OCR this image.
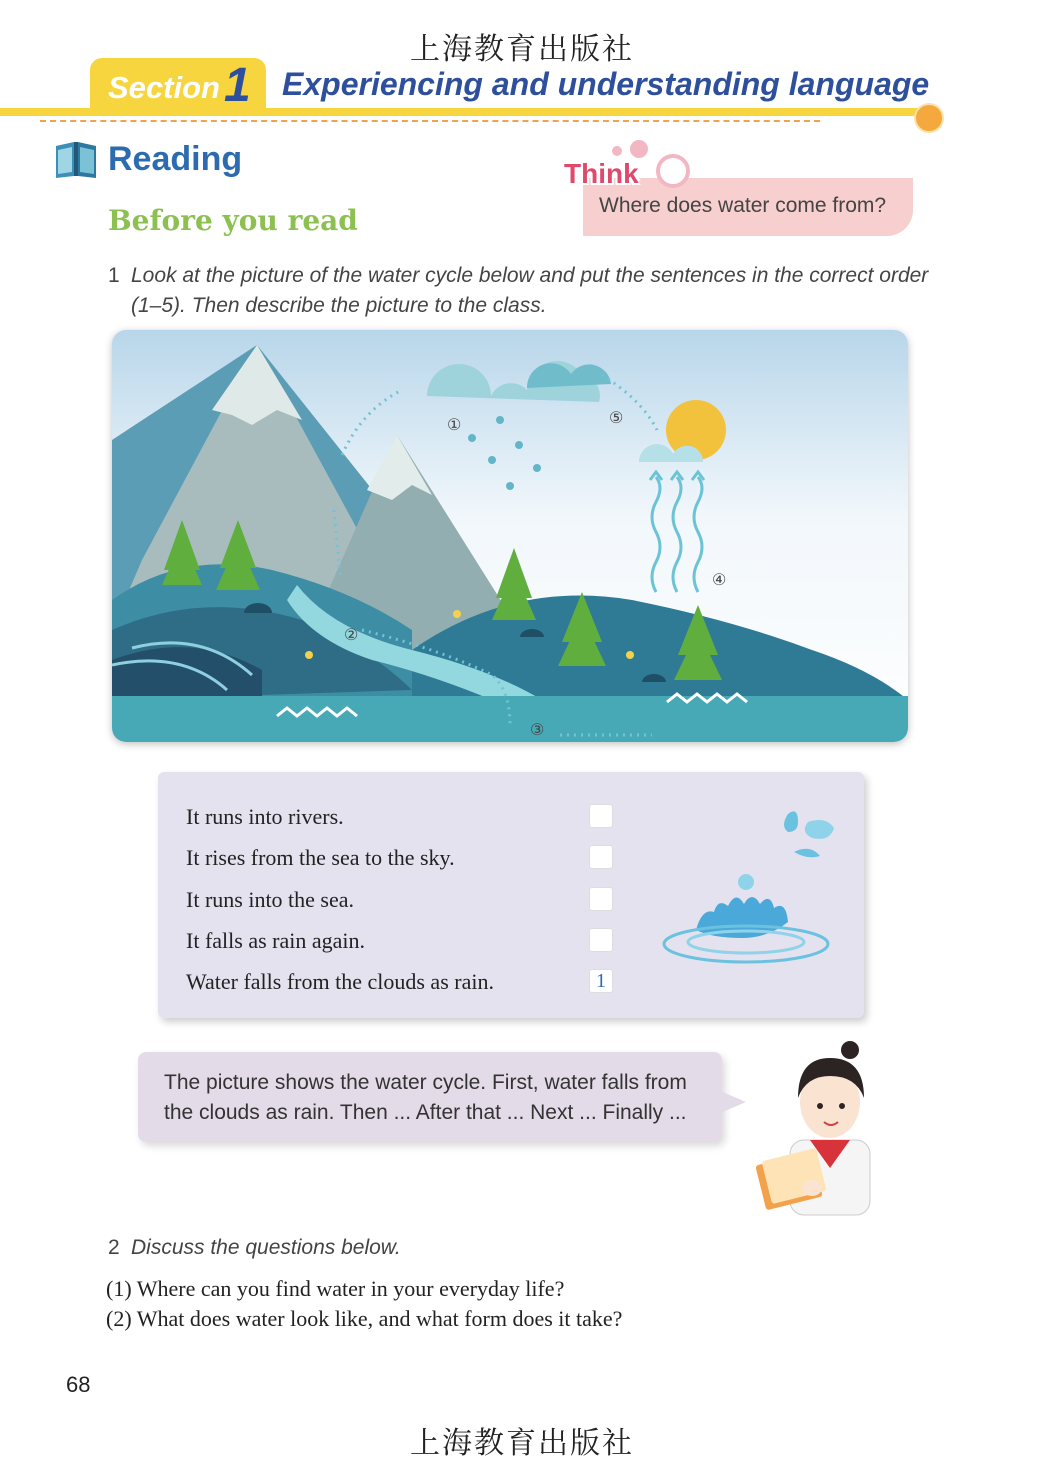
上海教育出版社
Section 1 Experiencing and understanding language
Reading
Before you read	Where does water come from?
Think
1 Look at the picture of the water cycle below and put the sentences in the correct order
(1–5). Then describe the picture to the class.
①
②
③
④
⑤
It runs into rivers.
It rises from the sea to the sky.
It runs into the sea.
It falls as rain again.
Water falls from the clouds as rain.	1
The picture shows the water cycle. First, water falls from
the clouds as rain. Then ... After that ... Next ... Finally ...
2 Discuss the questions below.
(1) Where can you find water in your everyday life?
(2) What does water look like, and what form does it take?
68
上海教育出版社
